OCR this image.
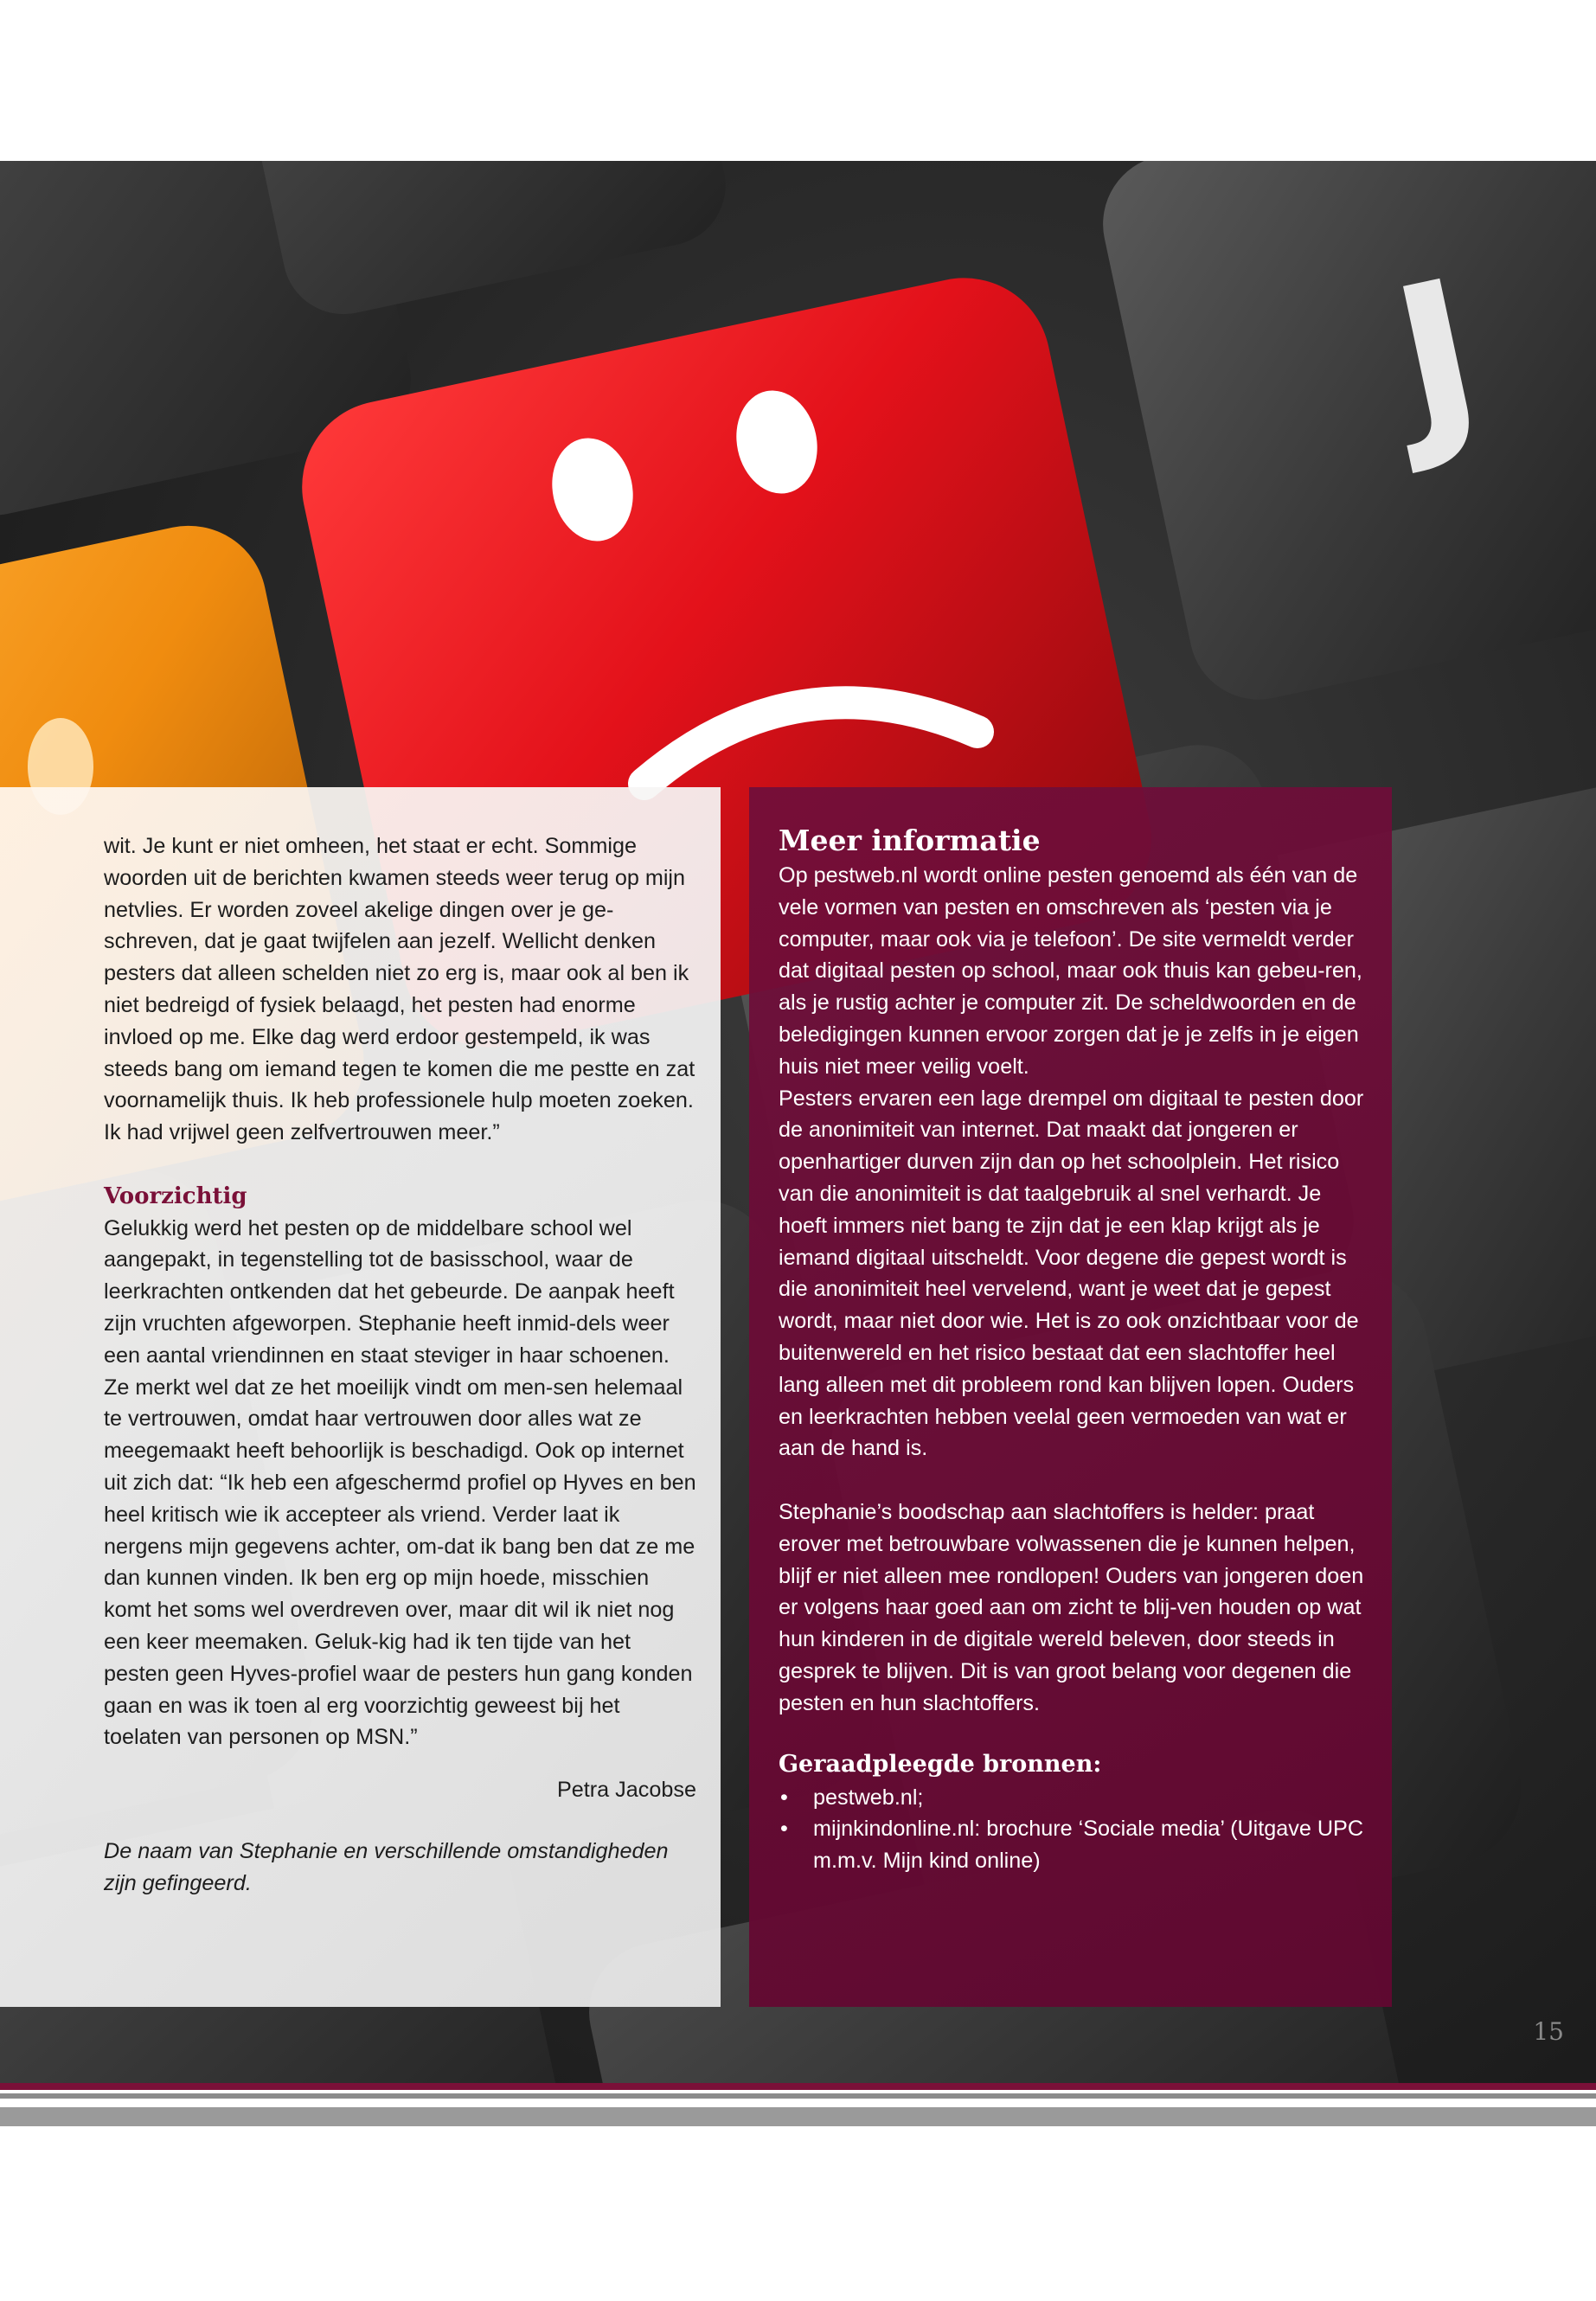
J

wit. Je kunt er niet omheen, het staat er echt. Sommige woorden uit de berichten kwamen steeds weer terug op mijn netvlies. Er worden zoveel akelige dingen over je ge-schreven, dat je gaat twijfelen aan jezelf. Wellicht denken pesters dat alleen schelden niet zo erg is, maar ook al ben ik niet bedreigd of fysiek belaagd, het pesten had enorme invloed op me. Elke dag werd erdoor gestempeld, ik was steeds bang om iemand tegen te komen die me pestte en zat voornamelijk thuis. Ik heb professionele hulp moeten zoeken. Ik had vrijwel geen zelfvertrouwen meer.”

Voorzichtig

Gelukkig werd het pesten op de middelbare school wel aangepakt, in tegenstelling tot de basisschool, waar de leerkrachten ontkenden dat het gebeurde. De aanpak heeft zijn vruchten afgeworpen. Stephanie heeft inmid-dels weer een aantal vriendinnen en staat steviger in haar schoenen. Ze merkt wel dat ze het moeilijk vindt om men-sen helemaal te vertrouwen, omdat haar vertrouwen door alles wat ze meegemaakt heeft behoorlijk is beschadigd. Ook op internet uit zich dat: “Ik heb een afgeschermd profiel op Hyves en ben heel kritisch wie ik accepteer als vriend. Verder laat ik nergens mijn gegevens achter, om-dat ik bang ben dat ze me dan kunnen vinden. Ik ben erg op mijn hoede, misschien komt het soms wel overdreven over, maar dit wil ik niet nog een keer meemaken. Geluk-kig had ik ten tijde van het pesten geen Hyves-profiel waar de pesters hun gang konden gaan en was ik toen al erg voorzichtig geweest bij het toelaten van personen op MSN.”

Petra Jacobse

De naam van Stephanie en verschillende omstandigheden zijn gefingeerd.

Meer informatie

Op pestweb.nl wordt online pesten genoemd als één van de vele vormen van pesten en omschreven als ‘pesten via je computer, maar ook via je telefoon’. De site vermeldt verder dat digitaal pesten op school, maar ook thuis kan gebeu-ren, als je rustig achter je computer zit. De scheldwoorden en de beledigingen kunnen ervoor zorgen dat je je zelfs in je eigen huis niet meer veilig voelt.

Pesters ervaren een lage drempel om digitaal te pesten door de anonimiteit van internet. Dat maakt dat jongeren er openhartiger durven zijn dan op het schoolplein. Het risico van die anonimiteit is dat taalgebruik al snel verhardt. Je hoeft immers niet bang te zijn dat je een klap krijgt als je iemand digitaal uitscheldt. Voor degene die gepest wordt is die anonimiteit heel vervelend, want je weet dat je gepest wordt, maar niet door wie. Het is zo ook onzichtbaar voor de buitenwereld en het risico bestaat dat een slachtoffer heel lang alleen met dit probleem rond kan blijven lopen. Ouders en leerkrachten hebben veelal geen vermoeden van wat er aan de hand is.

Stephanie’s boodschap aan slachtoffers is helder: praat erover met betrouwbare volwassenen die je kunnen helpen, blijf er niet alleen mee rondlopen! Ouders van jongeren doen er volgens haar goed aan om zicht te blij-ven houden op wat hun kinderen in de digitale wereld beleven, door steeds in gesprek te blijven. Dit is van groot belang voor degenen die pesten en hun slachtoffers.

Geraadpleegde bronnen:

• pestweb.nl;
• mijnkindonline.nl: brochure ‘Sociale media’ (Uitgave UPC m.m.v. Mijn kind online)
15
